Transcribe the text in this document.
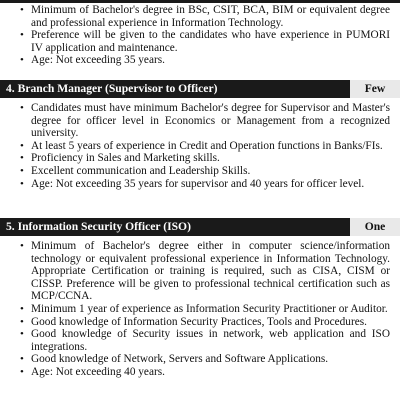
• Minimum of Bachelor's degree in BSc, CSIT, BCA, BIM or equivalent degree and professional experience in Information Technology.
• Preference will be given to the candidates who have experience in PUMORI IV application and maintenance.
• Age: Not exceeding 35 years.
4. Branch Manager (Supervisor to Officer)	Few
• Candidates must have minimum Bachelor's degree for Supervisor and Master's degree for officer level in Economics or Management from a recognized university.
• At least 5 years of experience in Credit and Operation functions in Banks/FIs.
• Proficiency in Sales and Marketing skills.
• Excellent communication and Leadership Skills.
• Age: Not exceeding 35 years for supervisor and 40 years for officer level.
5. Information Security Officer (ISO)	One
• Minimum of Bachelor's degree either in computer science/information technology or equivalent professional experience in Information Technology. Appropriate Certification or training is required, such as CISA, CISM or CISSP. Preference will be given to professional technical certification such as MCP/CCNA.
• Minimum 1 year of experience as Information Security Practitioner or Auditor.
• Good knowledge of Information Security Practices, Tools and Procedures.
• Good knowledge of Security issues in network, web application and ISO integrations.
• Good knowledge of Network, Servers and Software Applications.
• Age: Not exceeding 40 years.
